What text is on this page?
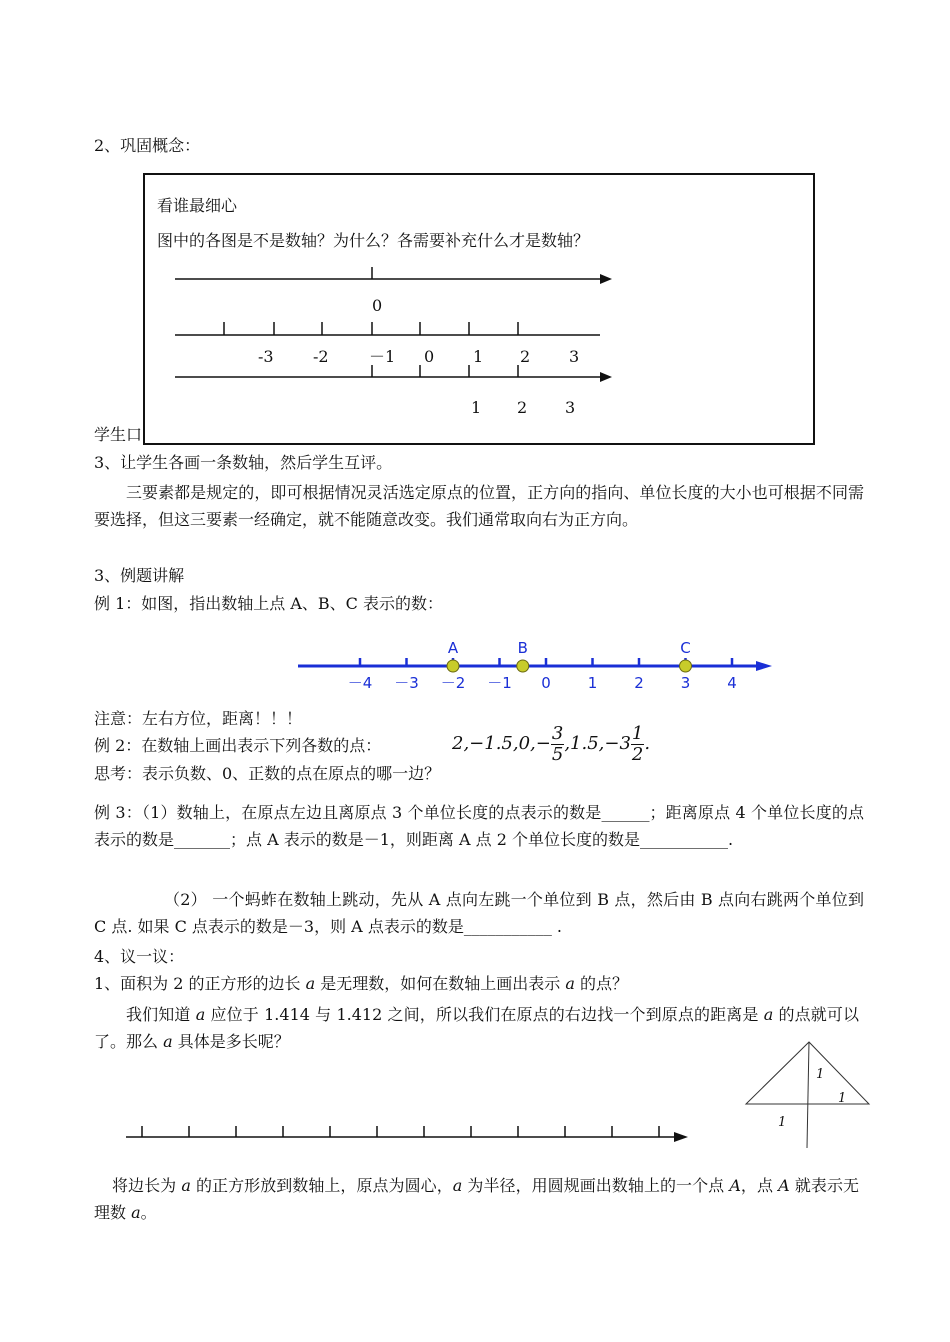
2、巩固概念：
学生口
看谁最细心
图中的各图是不是数轴？为什么？各需要补充什么才是数轴？
0
-3 -2	－1 0 1 2 3
1 2 3
3、让学生各画一条数轴，然后学生互评。
三要素都是规定的，即可根据情况灵活选定原点的位置，正方向的指向、单位长度的大小也可根据不同需要选择，但这三要素一经确定，就不能随意改变。我们通常取向右为正方向。
3、例题讲解
例 1：如图，指出数轴上点 A、B、C 表示的数：
－4 －3 －2 －1 0 1 2 3 4
A	B	C
注意：左右方位，距离！！！
例 2：在数轴上画出表示下列各数的点：	$2,-1.5,0,- \frac{3}{5} ,1.5,-3 \frac{1}{2}$ .
思考：表示负数、0、正数的点在原点的哪一边？
例 3：（1）数轴上，在原点左边且离原点 3 个单位长度的点表示的数是______；距离原点 4 个单位长度的点表示的数是_______；点 A 表示的数是－1，则距离 A 点 2 个单位长度的数是___________.
（2） 一个蚂蚱在数轴上跳动，先从 A 点向左跳一个单位到 B 点，然后由 B 点向右跳两个单位到 C 点. 如果 C 点表示的数是－3，则 A 点表示的数是___________ .
4、议一议：
1、面积为 2 的正方形的边长 a 是无理数，如何在数轴上画出表示 a 的点？
我们知道 a 应位于 1.414 与 1.412 之间，所以我们在原点的右边找一个到原点的距离是 a 的点就可以了。那么 a 具体是多长呢？
1
1
1
将边长为 a 的正方形放到数轴上，原点为圆心，a 为半径，用圆规画出数轴上的一个点 A，点 A 就表示无理数 a。
